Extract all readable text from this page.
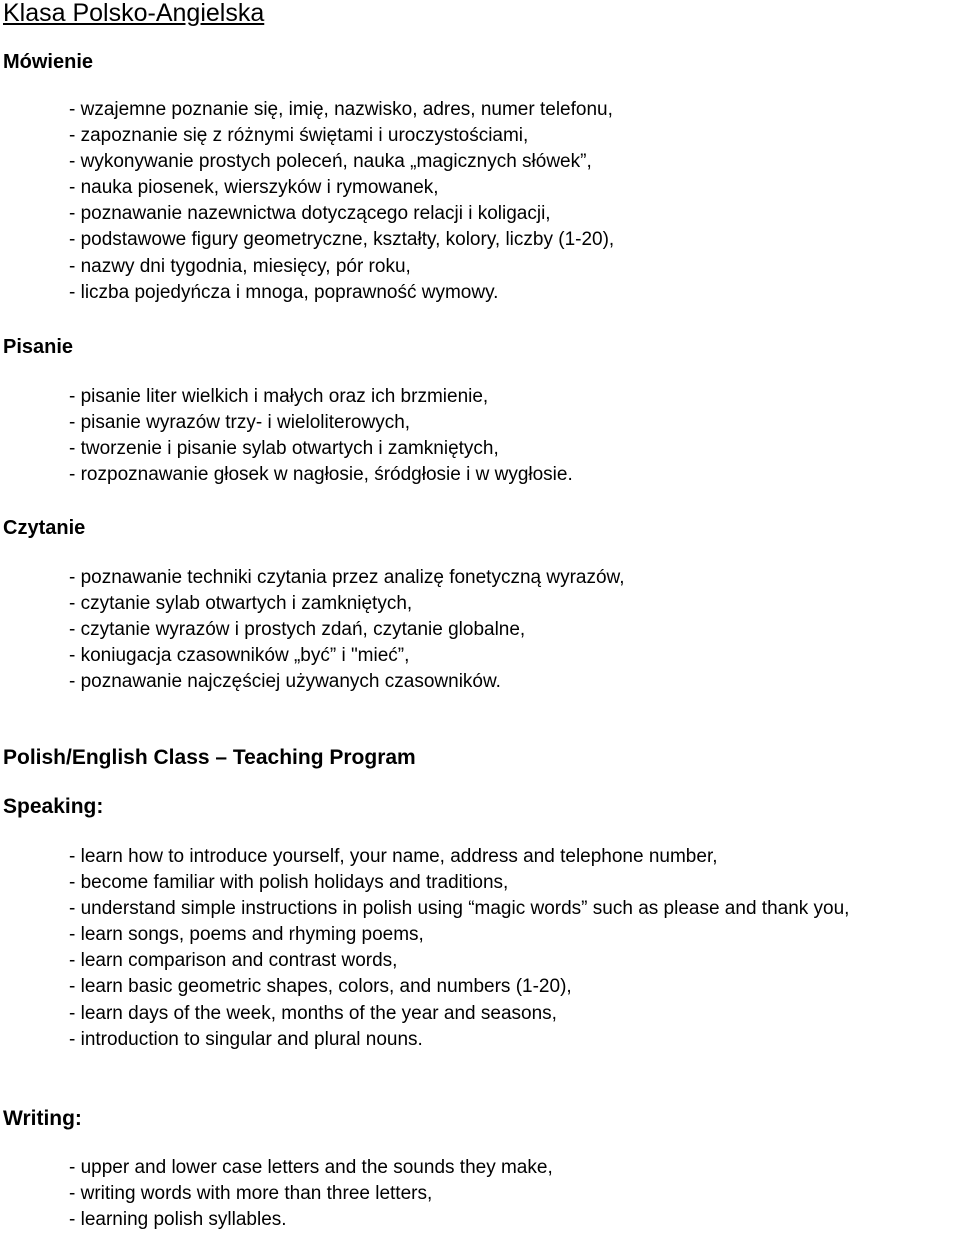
Klasa Polsko-Angielska
Mówienie
- wzajemne poznanie się, imię, nazwisko, adres, numer telefonu,
- zapoznanie się z różnymi świętami i uroczystościami,
- wykonywanie prostych poleceń, nauka „magicznych słówek”,
- nauka piosenek, wierszyków i rymowanek,
- poznawanie nazewnictwa dotyczącego relacji i koligacji,
- podstawowe figury geometryczne, kształty, kolory, liczby (1-20),
- nazwy dni tygodnia, miesięcy, pór roku,
- liczba pojedyńcza i mnoga, poprawność wymowy.
Pisanie
- pisanie liter wielkich i małych oraz ich brzmienie,
- pisanie wyrazów trzy- i wieloliterowych,
- tworzenie i pisanie sylab otwartych i zamkniętych,
- rozpoznawanie głosek w nagłosie, śródgłosie i w wygłosie.
Czytanie
- poznawanie techniki czytania przez analizę fonetyczną wyrazów,
- czytanie sylab otwartych i zamkniętych,
- czytanie wyrazów i prostych zdań, czytanie globalne,
- koniugacja czasowników „być” i "mieć”,
- poznawanie najczęściej używanych czasowników.
Polish/English Class – Teaching Program
Speaking:
- learn how to introduce yourself, your name, address and telephone number,
- become familiar with polish holidays and traditions,
- understand simple instructions in polish using “magic words” such as please and thank you,
- learn songs, poems and rhyming poems,
- learn comparison and contrast words,
- learn basic geometric shapes, colors, and numbers (1-20),
- learn days of the week, months of the year and seasons,
- introduction to singular and plural nouns.
Writing:
- upper and lower case letters and the sounds they make,
- writing words with more than three letters,
- learning polish syllables.
